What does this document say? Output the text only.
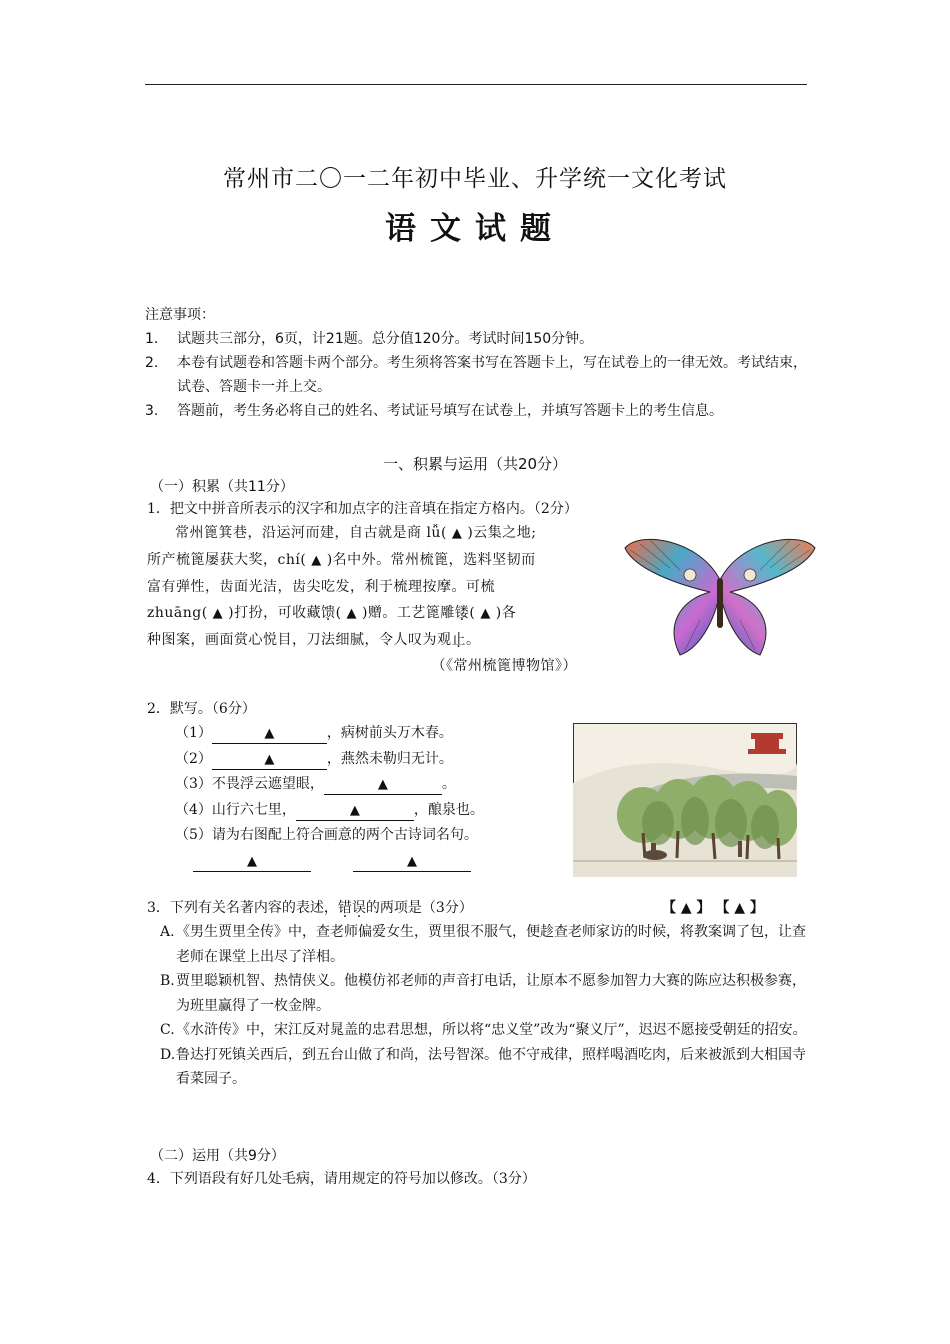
常州市二〇一二年初中毕业、升学统一文化考试
语文试题
注意事项：
1.	试题共三部分，6页，计21题。总分值120分。考试时间150分钟。
2.	本卷有试题卷和答题卡两个部分。考生须将答案书写在答题卡上，写在试卷上的一律无效。考试结束，试卷、答题卡一并上交。
3.	答题前，考生务必将自己的姓名、考试证号填写在试卷上，并填写答题卡上的考生信息。
一、积累与运用（共20分）
（一）积累（共11分）
1．把文中拼音所表示的汉字和加点字的注音填在指定方格内。（2分）

常州篦箕巷，沿运河而建，自古就是商 lǚ( ▲ )云集之地;

所产梳篦屡获大奖，chí( ▲ )名中外。常州梳篦，选料坚韧而

富有弹性，齿面光洁，齿尖吃发，利于梳理按摩。可梳

zhuāng( ▲ )打扮，可收藏馈( ▲ )赠。工艺篦雕镂( ▲ )各

种图案，画面赏心悦目，刀法细腻，令人叹为观止。

（《常州梳篦博物馆》）

2．默写。（6分）
（1）	▲	，病树前头万木春。
（2）	▲	，燕然未勒归无计。
（3）不畏浮云遮望眼，	▲	。
（4）山行六七里，	▲	，酿泉也。
（5）请为右图配上符合画意的两个古诗词名句。
▲	▲
3．下列有关名著内容的表述，错误的两项是（3分）	【 ▲ 】 【 ▲ 】
A. 《男生贾里全传》中，查老师偏爱女生，贾里很不服气，便趁查老师家访的时候，将教案调了包，让查老师在课堂上出尽了洋相。
B. 贾里聪颖机智、热情侠义。他模仿祁老师的声音打电话，让原本不愿参加智力大赛的陈应达积极参赛，为班里赢得了一枚金牌。
C. 《水浒传》中，宋江反对晁盖的忠君思想，所以将“忠义堂”改为“聚义厅”，迟迟不愿接受朝廷的招安。
D. 鲁达打死镇关西后，到五台山做了和尚，法号智深。他不守戒律，照样喝酒吃肉，后来被派到大相国寺看菜园子。
（二）运用（共9分）
4．下列语段有好几处毛病，请用规定的符号加以修改。（3分）
